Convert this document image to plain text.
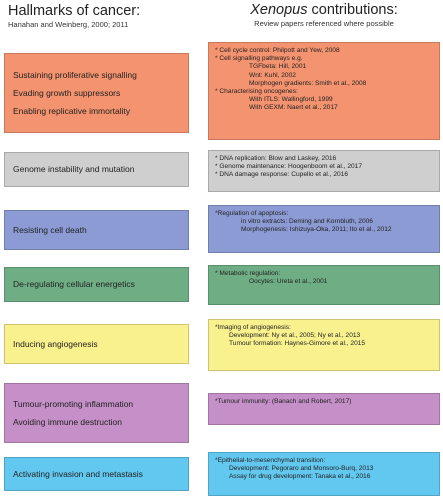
Hallmarks of cancer:
Hanahan and Weinberg, 2000; 2011
Xenopus contributions:
Review papers referenced where possible
Sustaining proliferative signalling
Evading growth suppressors
Enabling replicative immortality
* Cell cycle control: Philpott and Yew, 2008
* Cell signalling pathways e.g.
TGFbeta: Hill, 2001
Wnt: Kuhl, 2002
Morphogen gradients: Smith et al., 2008
* Characterising oncogenes:
With ITLS: Wallingford, 1999
With GEXM: Naert et al., 2017
Genome instability and mutation
* DNA replication: Blow and Laskey, 2016
* Genome maintenance: Hoogenboom et al., 2017
* DNA damage response: Cupello et al., 2016
Resisting cell death
*Regulation of apoptosis:
in vitro extracts: Deming and Kornbluth, 2006
Morphogenesis: Ishizuya-Oka, 2011; Ito et al., 2012
De-regulating cellular energetics
* Metabolic regulation:
Oocytes: Ureta et al., 2001
Inducing angiogenesis
*Imaging of angiogenesis:
Development: Ny et al., 2005; Ny et al., 2013
Tumour formation: Haynes-Gimore et al., 2015
Tumour-promoting inflammation
Avoiding immune destruction
*Tumour immunity: (Banach and Robert, 2017)
Activating invasion and metastasis
*Epithelial-to-mesenchymal transition:
Development: Pegoraro and Monsoro-Burq, 2013
Assay for drug development: Tanaka et al., 2016
